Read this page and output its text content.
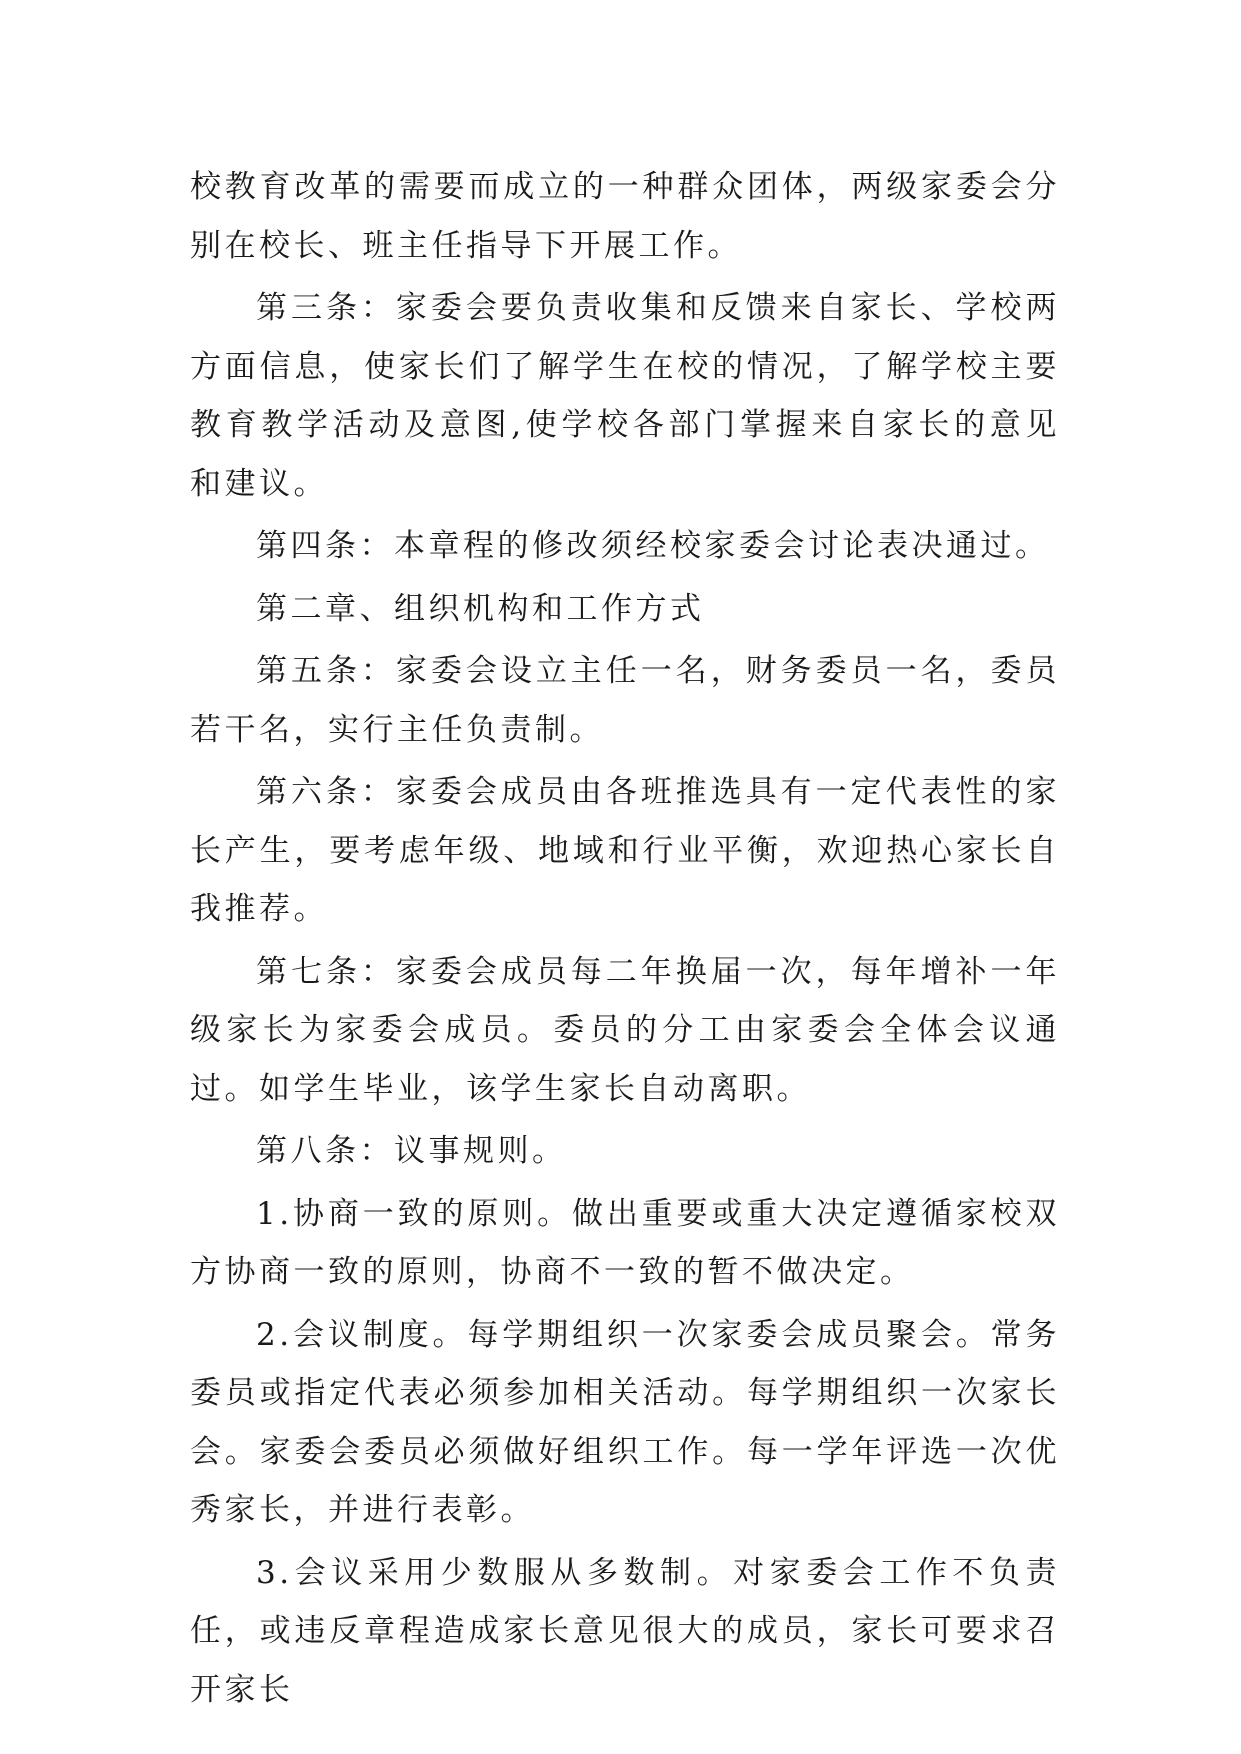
校教育改革的需要而成立的一种群众团体，两级家委会分别在校长、班主任指导下开展工作。

第三条：家委会要负责收集和反馈来自家长、学校两方面信息，使家长们了解学生在校的情况，了解学校主要教育教学活动及意图,使学校各部门掌握来自家长的意见和建议。

第四条：本章程的修改须经校家委会讨论表决通过。

第二章、组织机构和工作方式

第五条：家委会设立主任一名，财务委员一名，委员若干名，实行主任负责制。

第六条：家委会成员由各班推选具有一定代表性的家长产生，要考虑年级、地域和行业平衡，欢迎热心家长自我推荐。

第七条：家委会成员每二年换届一次，每年增补一年级家长为家委会成员。委员的分工由家委会全体会议通过。如学生毕业，该学生家长自动离职。

第八条：议事规则。

1.协商一致的原则。做出重要或重大决定遵循家校双方协商一致的原则，协商不一致的暂不做决定。

2.会议制度。每学期组织一次家委会成员聚会。常务委员或指定代表必须参加相关活动。每学期组织一次家长会。家委会委员必须做好组织工作。每一学年评选一次优秀家长，并进行表彰。

3.会议采用少数服从多数制。对家委会工作不负责任，或违反章程造成家长意见很大的成员，家长可要求召开家长
